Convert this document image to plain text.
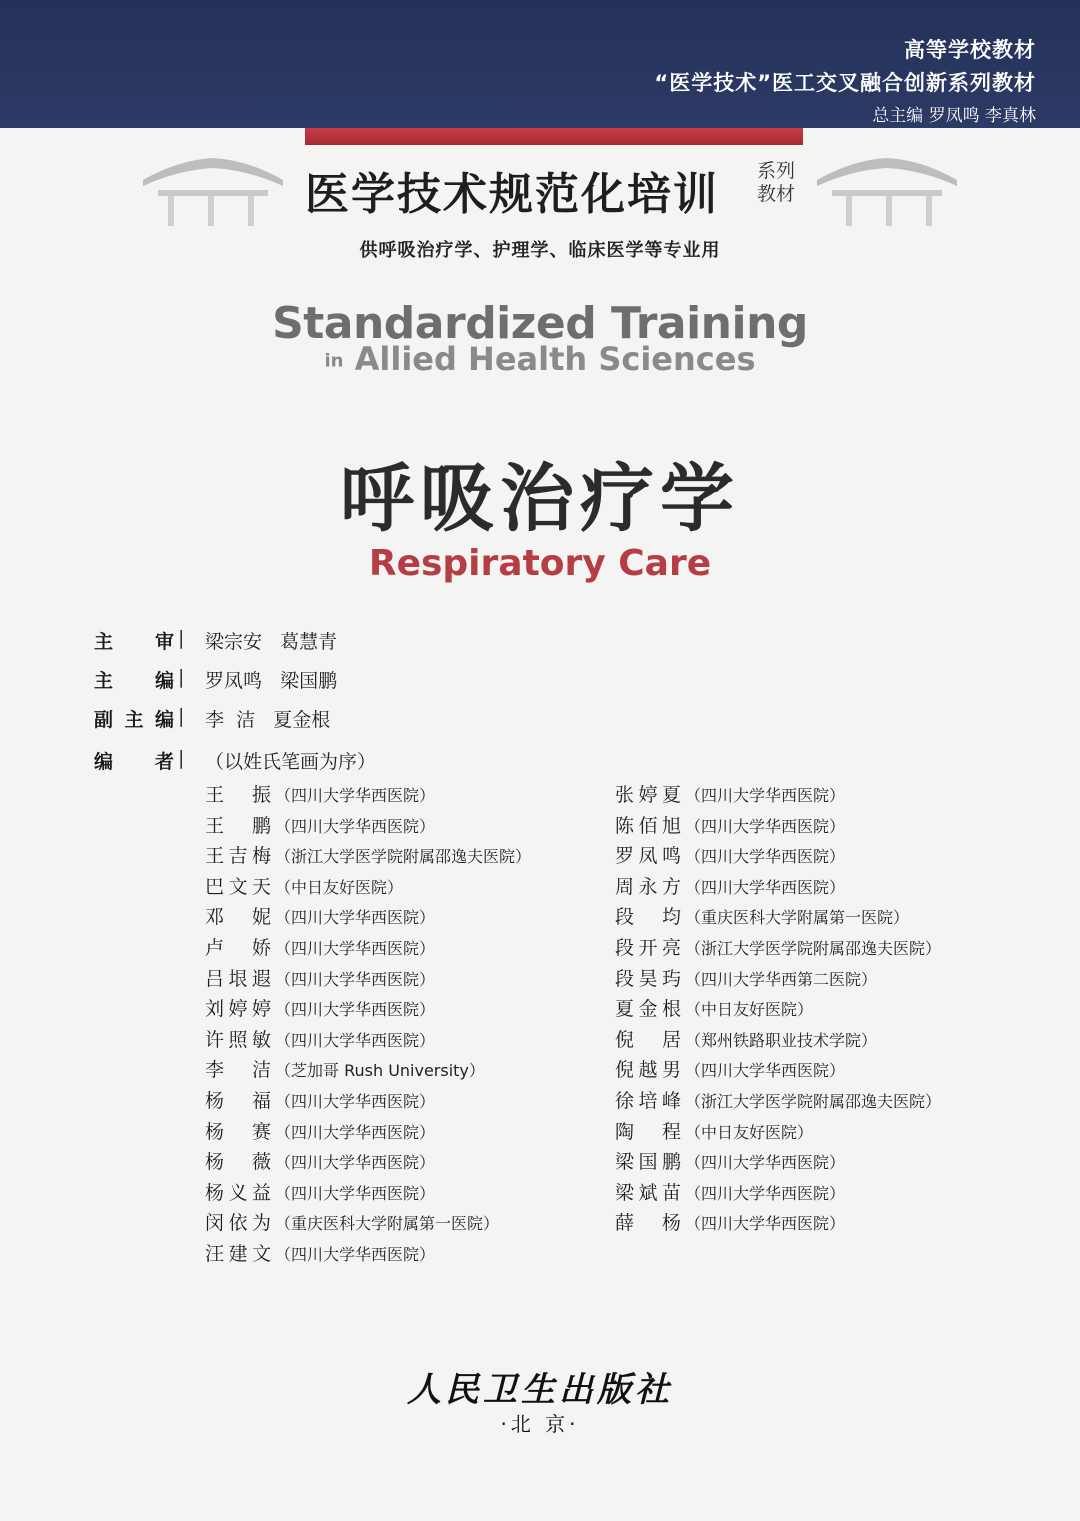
高等学校教材
“医学技术”医工交叉融合创新系列教材
总主编 罗凤鸣 李真林
医学技术规范化培训 系列教材
供呼吸治疗学、护理学、临床医学等专业用
Standardized Training
in Allied Health Sciences
呼吸治疗学
Respiratory Care
主 审 | 梁宗安   葛慧青
主 编 | 罗凤鸣   梁国鹏
副主编 | 李  洁   夏金根
编 者 | （以姓氏笔画为序）
王振 （四川大学华西医院）
王鹏 （四川大学华西医院）
王吉梅 （浙江大学医学院附属邵逸夫医院）
巴文天 （中日友好医院）
邓妮 （四川大学华西医院）
卢娇 （四川大学华西医院）
吕垠遐 （四川大学华西医院）
刘婷婷 （四川大学华西医院）
许照敏 （四川大学华西医院）
李洁 （芝加哥 Rush University）
杨福 （四川大学华西医院）
杨赛 （四川大学华西医院）
杨薇 （四川大学华西医院）
杨义益 （四川大学华西医院）
闵依为 （重庆医科大学附属第一医院）
汪建文 （四川大学华西医院）
张婷夏 （四川大学华西医院）
陈佰旭 （四川大学华西医院）
罗凤鸣 （四川大学华西医院）
周永方 （四川大学华西医院）
段均 （重庆医科大学附属第一医院）
段开亮 （浙江大学医学院附属邵逸夫医院）
段昊玙 （四川大学华西第二医院）
夏金根 （中日友好医院）
倪居 （郑州铁路职业技术学院）
倪越男 （四川大学华西医院）
徐培峰 （浙江大学医学院附属邵逸夫医院）
陶程 （中日友好医院）
梁国鹏 （四川大学华西医院）
梁斌苗 （四川大学华西医院）
薛杨 （四川大学华西医院）
人民卫生出版社
·北 京·
